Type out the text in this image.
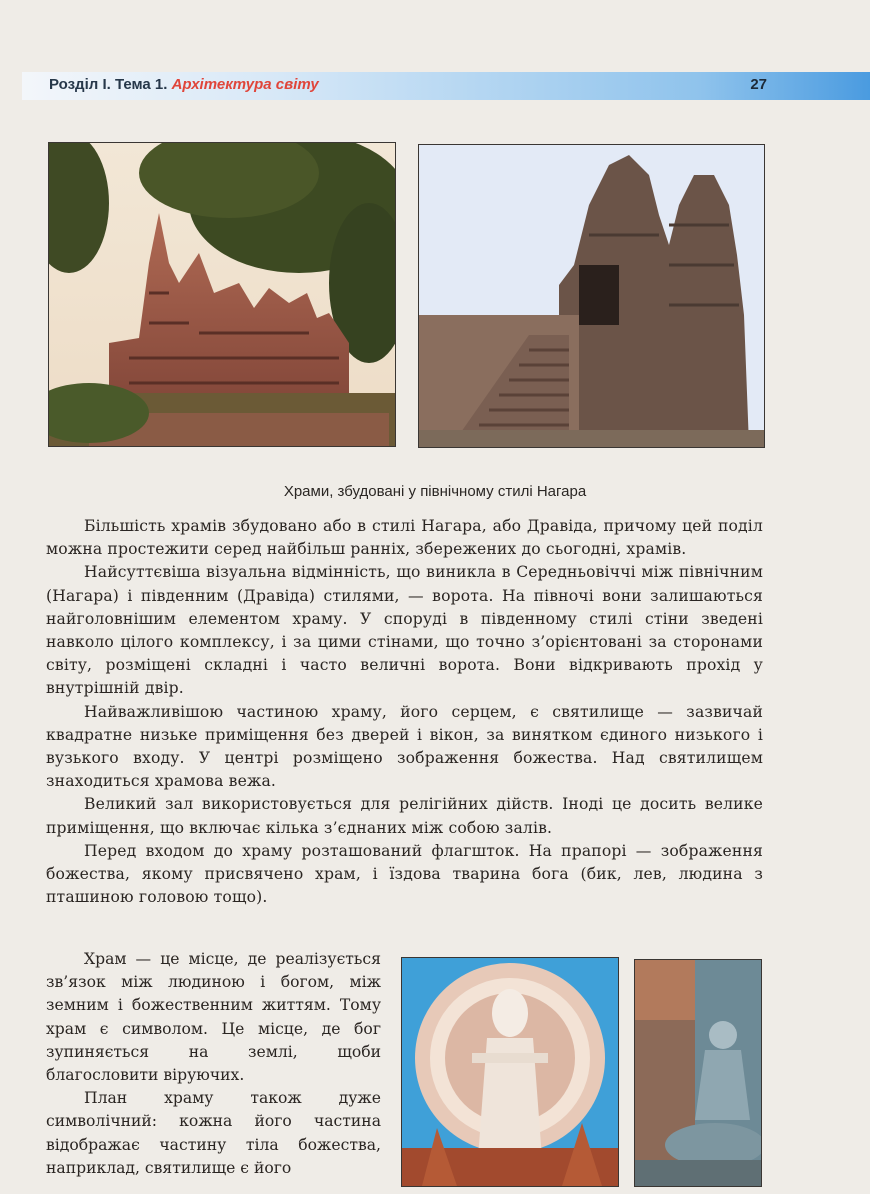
Розділ І. Тема 1. Архітектура світу	27
Храми, збудовані у північному стилі Нагара

Більшість храмів збудовано або в стилі Нагара, або Дравіда, причому цей поділ можна простежити серед найбільш ранніх, збережених до сьогодні, храмів.

Найсуттєвіша візуальна відмінність, що виникла в Середньовіччі між північним (Нагара) і південним (Дравіда) стилями, — ворота. На півночі вони залишаються найголовнішим елементом храму. У споруді в південному стилі стіни зведені навколо цілого комплексу, і за цими стінами, що точно з’орієнтовані за сторонами світу, розміщені складні і часто величні ворота. Вони відкривають прохід у внутрішній двір.

Найважливішою частиною храму, його серцем, є святилище — зазвичай квадратне низьке приміщення без дверей і вікон, за винятком єдиного низького і вузького входу. У центрі розміщено зображення божества. Над святилищем знаходиться храмова вежа.

Великий зал використовується для релігійних дійств. Іноді це досить велике приміщення, що включає кілька з’єднаних між собою залів.

Перед входом до храму розташований флагшток. На прапорі — зображення божества, якому присвячено храм, і їздова тварина бога (бик, лев, людина з пташиною головою тощо).

Храм — це місце, де реалізується зв’язок між людиною і богом, між земним і божественним життям. Тому храм є символом. Це місце, де бог зупиняється на землі, щоби благословити віруючих.

План храму також дуже символічний: кожна його частина відображає частину тіла божества, наприклад, святилище є його
